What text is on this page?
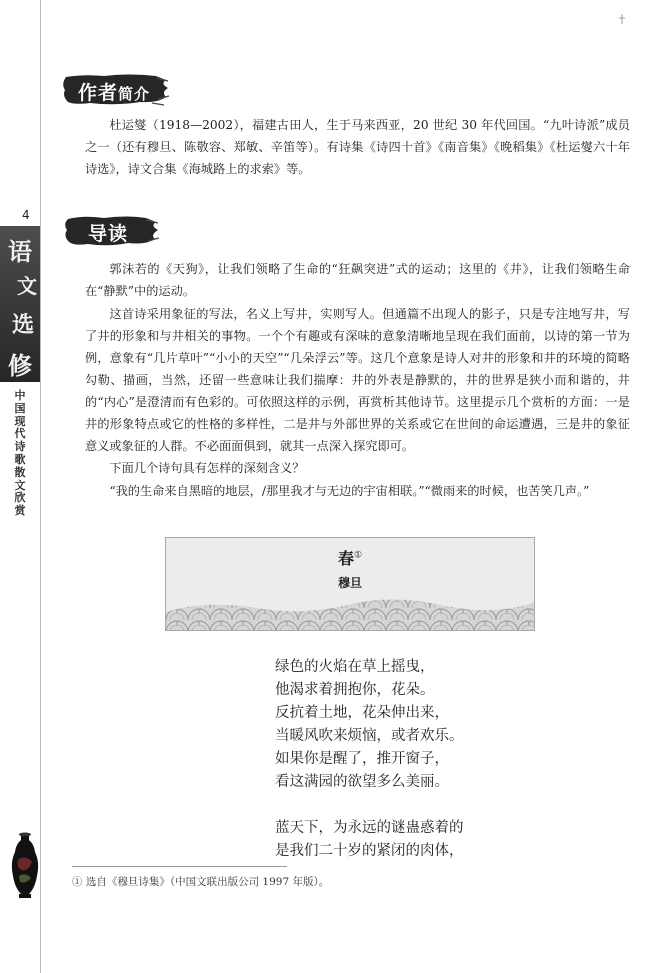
4
语
文
选
修
中国现代诗歌散文欣赏
作者简介

杜运燮（1918—2002），福建古田人，生于马来西亚，20 世纪 30 年代回国。“九叶诗派”成员之一（还有穆旦、陈敬容、郑敏、辛笛等）。有诗集《诗四十首》《南音集》《晚稻集》《杜运燮六十年诗选》，诗文合集《海城路上的求索》等。

导读

郭沫若的《天狗》，让我们领略了生命的“狂飙突进”式的运动；这里的《井》，让我们领略生命在“静默”中的运动。

这首诗采用象征的写法，名义上写井，实则写人。但通篇不出现人的影子，只是专注地写井，写了井的形象和与井相关的事物。一个个有趣或有深味的意象清晰地呈现在我们面前，以诗的第一节为例，意象有“几片草叶”“小小的天空”“几朵浮云”等。这几个意象是诗人对井的形象和井的环境的简略勾勒、描画，当然，还留一些意味让我们揣摩：井的外表是静默的，井的世界是狭小而和谐的，井的“内心”是澄清而有色彩的。可依照这样的示例，再赏析其他诗节。这里提示几个赏析的方面：一是井的形象特点或它的性格的多样性，二是井与外部世界的关系或它在世间的命运遭遇，三是井的象征意义或象征的人群。不必面面俱到，就其一点深入探究即可。

下面几个诗句具有怎样的深刻含义？

“我的生命来自黑暗的地层，/那里我才与无边的宇宙相联。”“微雨来的时候，也苦笑几声。”

春①
穆旦
绿色的火焰在草上摇曳，
他渴求着拥抱你，花朵。
反抗着土地，花朵伸出来，
当暖风吹来烦恼，或者欢乐。
如果你是醒了，推开窗子，
看这满园的欲望多么美丽。
蓝天下，为永远的谜蛊惑着的
是我们二十岁的紧闭的肉体，
① 选自《穆旦诗集》（中国文联出版公司 1997 年版）。
